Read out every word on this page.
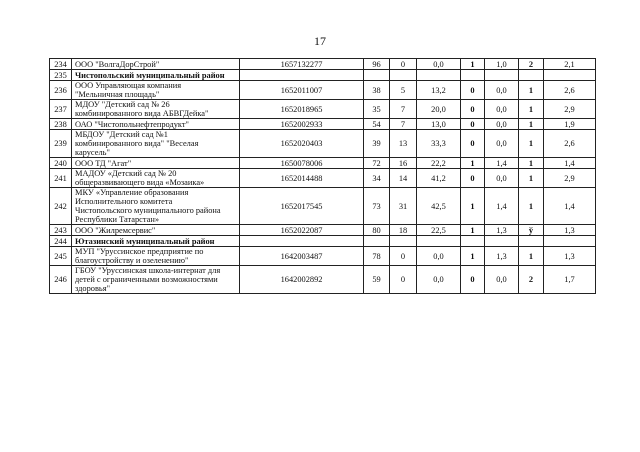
17
234	ООО "ВолгаДорСтрой"	1657132277	96	0	0,0	1	1,0	2	2,1
235	Чистопольский муниципальный район								

236	ООО Управляющая компания
"Мельничная площадь"	1652011007	38	5	13,2	0	0,0	1	2,6
237	МДОУ "Детский сад № 26
комбинированного вида АБВГДейка"	1652018965	35	7	20,0	0	0,0	1	2,9
238	ОАО "Чистопольнефтепродукт"	1652002933	54	7	13,0	0	0,0	1	1,9
239	МБДОУ "Детский сад №1
комбинированного вида" "Веселая
карусель"	1652020403	39	13	33,3	0	0,0	1	2,6
240	ООО ТД "Агат"	1650078006	72	16	22,2	1	1,4	1	1,4
241	МАДОУ «Детский сад № 20
общеразвивающего вида «Мозаика»	1652014488	34	14	41,2	0	0,0	1	2,9
242	МКУ «Управление образования
Исполнительного комитета
Чистопольского муниципального района
Республики Татарстан»	1652017545	73	31	42,5	1	1,4	1	1,4
243	ООО "Жилремсервис"	1652022087	80	18	22,5	1	1,3	ў	1,3
244	Ютазинский муниципальный район								

245	МУП "Уруссинское предприятие по
благоустройству и озеленению"	1642003487	78	0	0,0	1	1,3	1	1,3
246	ГБОУ "Уруссинская школа-интернат для
детей с ограниченными возможностями
здоровья"	1642002892	59	0	0,0	0	0,0	2	1,7
